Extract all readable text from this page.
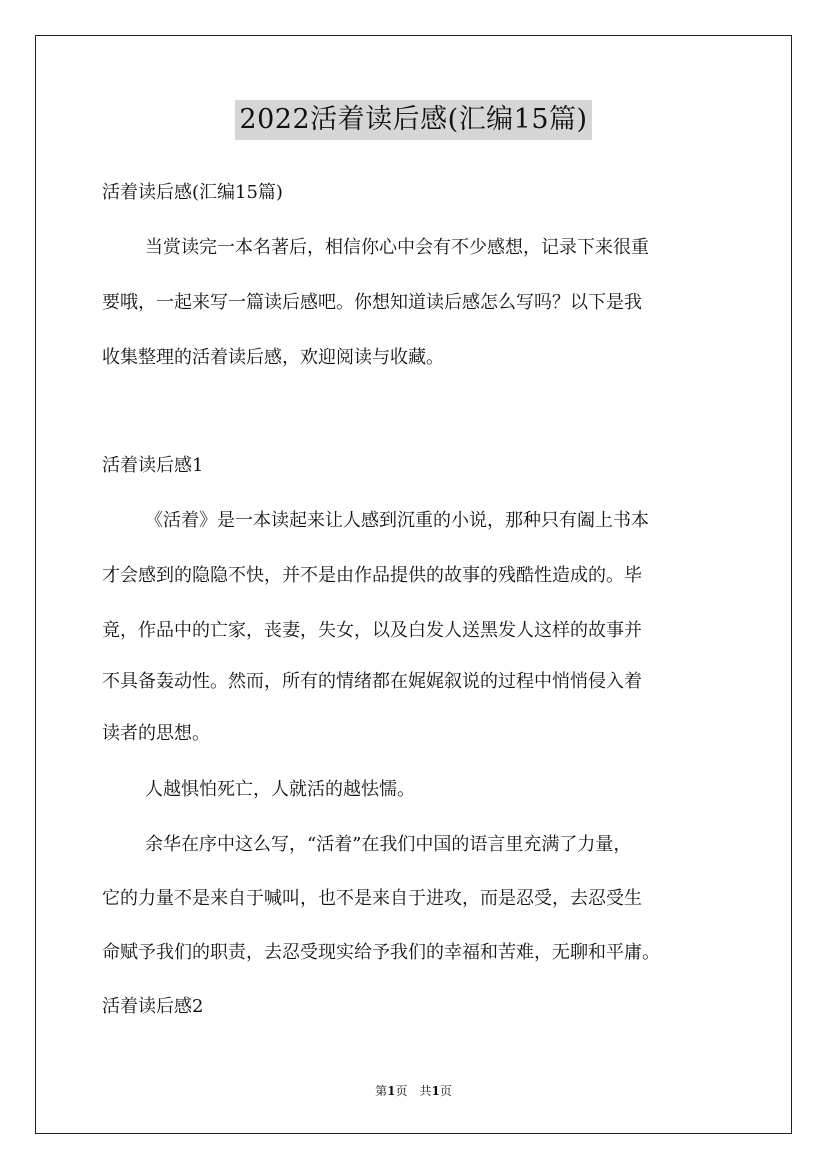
2022活着读后感(汇编15篇)
活着读后感(汇编15篇)
当赏读完一本名著后，相信你心中会有不少感想，记录下来很重
要哦，一起来写一篇读后感吧。你想知道读后感怎么写吗？以下是我
收集整理的活着读后感，欢迎阅读与收藏。
活着读后感1
《活着》是一本读起来让人感到沉重的小说，那种只有阖上书本
才会感到的隐隐不快，并不是由作品提供的故事的残酷性造成的。毕
竟，作品中的亡家，丧妻，失女，以及白发人送黑发人这样的故事并
不具备轰动性。然而，所有的情绪都在娓娓叙说的过程中悄悄侵入着
读者的思想。
人越惧怕死亡，人就活的越怯懦。
余华在序中这么写，“活着”在我们中国的语言里充满了力量，
它的力量不是来自于喊叫，也不是来自于进攻，而是忍受，去忍受生
命赋予我们的职责，去忍受现实给予我们的幸福和苦难，无聊和平庸。
活着读后感2
第1页　共1页
